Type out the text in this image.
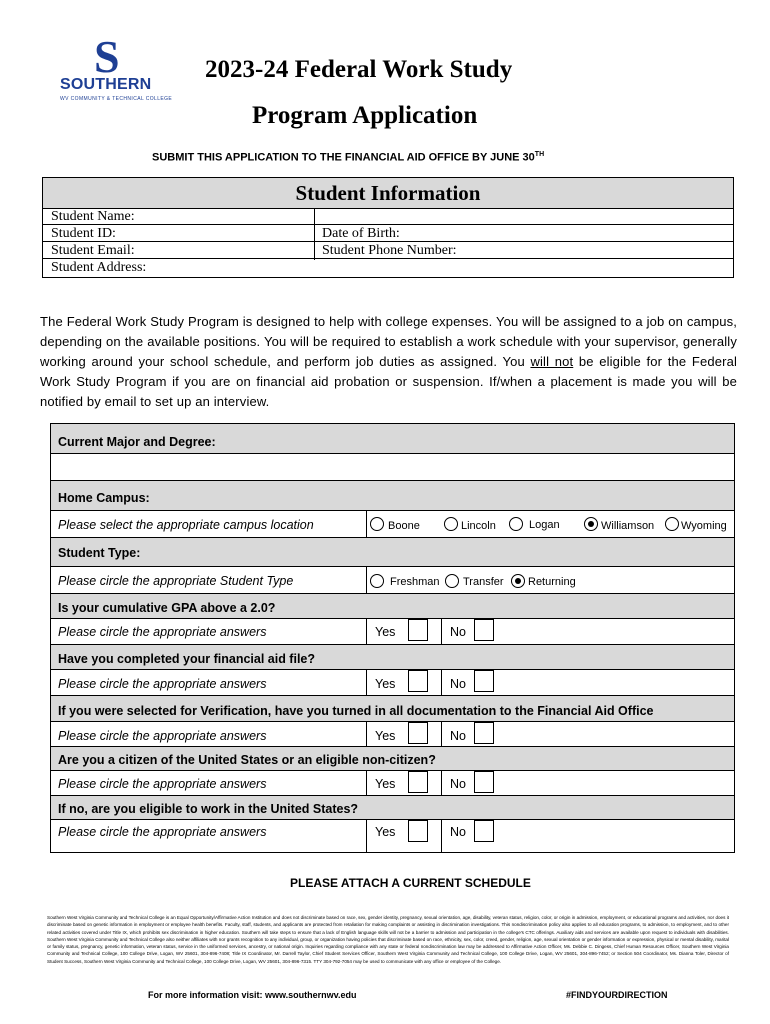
S
SOUTHERN
WV COMMUNITY & TECHNICAL COLLEGE
2023-24 Federal Work Study
Program Application
SUBMIT THIS APPLICATION TO THE FINANCIAL AID OFFICE BY JUNE 30TH
Student Information
Student Name:
Student ID:	Date of Birth:
Student Email:	Student Phone Number:
Student Address:
The Federal Work Study Program is designed to help with college expenses. You will be assigned to a job on campus, depending on the available positions. You will be required to establish a work schedule with your supervisor, generally working around your school schedule, and perform job duties as assigned. You will not be eligible for the Federal Work Study Program if you are on financial aid probation or suspension. If/when a placement is made you will be notified by email to set up an interview.
Current Major and Degree:
Home Campus:
Please select the appropriate campus location	Boone	Lincoln	Logan	Williamson Wyoming
Student Type:
Please circle the appropriate Student Type	Freshman Transfer Returning
Is your cumulative GPA above a 2.0?
Please circle the appropriate answers	Yes	No
Have you completed your financial aid file?
Please circle the appropriate answers	Yes	No
If you were selected for Verification, have you turned in all documentation to the Financial Aid Office
Please circle the appropriate answers	Yes	No
Are you a citizen of the United States or an eligible non-citizen?
Please circle the appropriate answers	Yes	No
If no, are you eligible to work in the United States?
Please circle the appropriate answers	Yes	No
PLEASE ATTACH A CURRENT SCHEDULE
Southern West Virginia Community and Technical College is an Equal Opportunity/Affirmative Action Institution and does not discriminate based on race, sex, gender identity, pregnancy, sexual orientation, age, disability, veteran status, religion, color, or origin in admission, employment, or educational programs and activities, nor does it discriminate based on genetic information in employment or employee health benefits. Faculty, staff, students, and applicants are protected from retaliation for making complaints or assisting in discrimination investigations. This nondiscrimination policy also applies to all education programs, to admission, to employment, and to other related activities covered under Title IX, which prohibits sex discrimination in higher education. Southern will take steps to ensure that a lack of English language skills will not be a barrier to admission and participation in the college's CTC offerings. Auxiliary aids and services are available upon request to individuals with disabilities. Southern West Virginia Community and Technical College also neither affiliates with nor grants recognition to any individual, group, or organization having policies that discriminate based on race, ethnicity, sex, color, creed, gender, religion, age, sexual orientation or gender information or expression, physical or mental disability, marital or family status, pregnancy, genetic information, veteran status, service in the uniformed services, ancestry, or national origin. Inquiries regarding compliance with any state or federal nondiscrimination law may be addressed to Affirmative Action Officer, Ms. Debbie C. Dingess, Chief Human Resources Officer, Southern West Virginia Community and Technical College, 100 College Drive, Logan, WV 25601, 304-896-7408; Title IX Coordinator, Mr. Darrell Taylor, Chief Student Services Officer, Southern West Virginia Community and Technical College, 100 College Drive, Logan, WV 25601, 304-896-7452; or Section 504 Coordinator, Ms. Dianna Toler, Director of Student Success, Southern West Virginia Community and Technical College, 100 College Drive, Logan, WV 25601, 304-896-7315. TTY 304-792-7054 may be used to communicate with any office or employee of the College.
For more information visit: www.southernwv.edu	#FINDYOURDIRECTION
